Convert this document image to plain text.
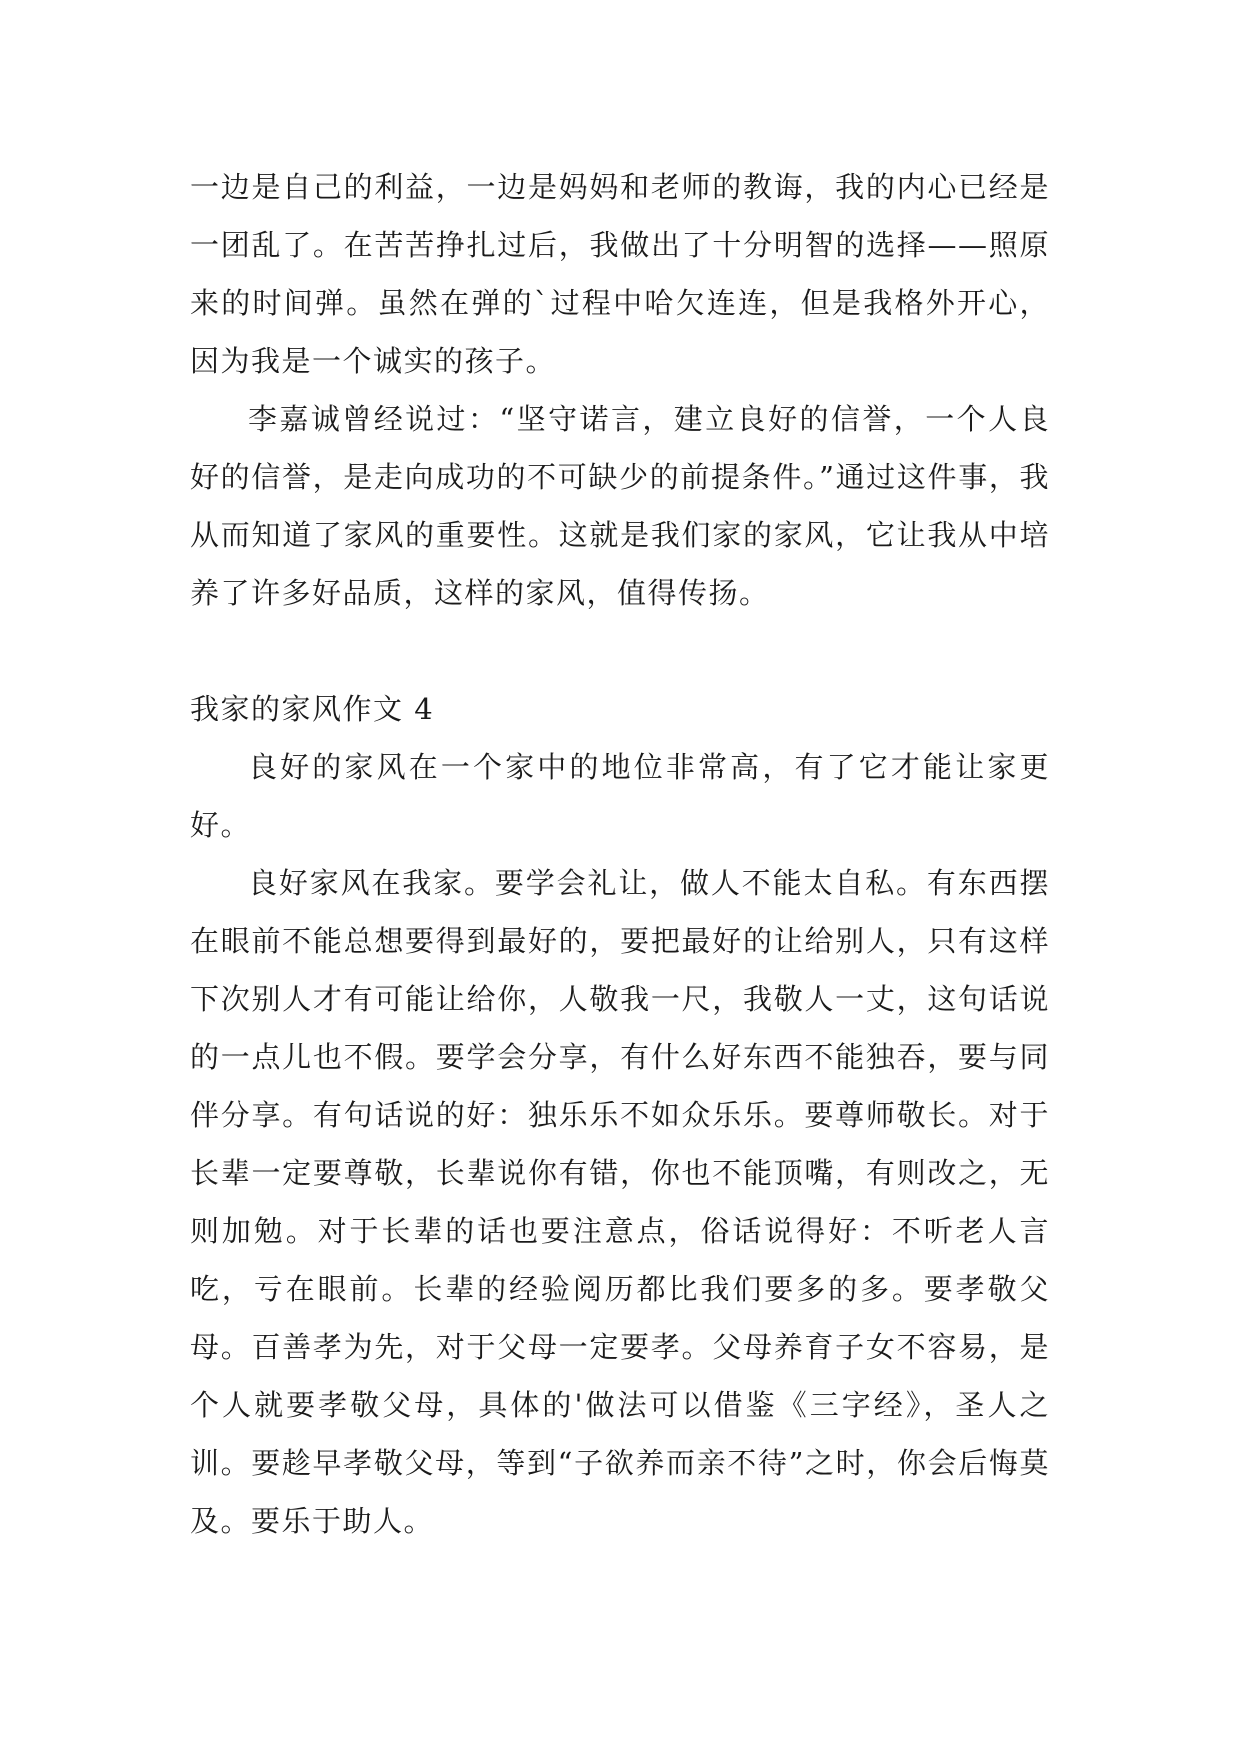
一边是自己的利益，一边是妈妈和老师的教诲，我的内心已经是一团乱了。在苦苦挣扎过后，我做出了十分明智的选择——照原来的时间弹。虽然在弹的`过程中哈欠连连，但是我格外开心，因为我是一个诚实的孩子。

李嘉诚曾经说过：“坚守诺言，建立良好的信誉，一个人良好的信誉，是走向成功的不可缺少的前提条件。”通过这件事，我从而知道了家风的重要性。这就是我们家的家风，它让我从中培养了许多好品质，这样的家风，值得传扬。

我家的家风作文 4

良好的家风在一个家中的地位非常高，有了它才能让家更好。

良好家风在我家。要学会礼让，做人不能太自私。有东西摆在眼前不能总想要得到最好的，要把最好的让给别人，只有这样下次别人才有可能让给你，人敬我一尺，我敬人一丈，这句话说的一点儿也不假。要学会分享，有什么好东西不能独吞，要与同伴分享。有句话说的好：独乐乐不如众乐乐。要尊师敬长。对于长辈一定要尊敬，长辈说你有错，你也不能顶嘴，有则改之，无则加勉。对于长辈的话也要注意点，俗话说得好：不听老人言吃，亏在眼前。长辈的经验阅历都比我们要多的多。要孝敬父母。百善孝为先，对于父母一定要孝。父母养育子女不容易，是个人就要孝敬父母，具体的'做法可以借鉴《三字经》，圣人之训。要趁早孝敬父母，等到“子欲养而亲不待”之时，你会后悔莫及。要乐于助人。
